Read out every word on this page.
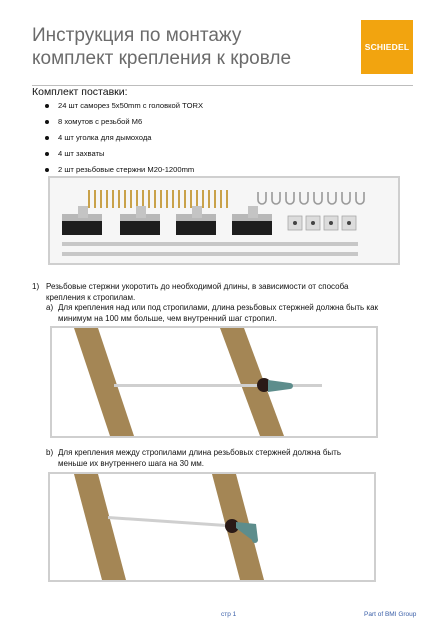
Инструкция по монтажу
комплект крепления к кровле
SCHIEDEL
Комплект поставки:
24 шт саморез 5x50mm с головкой TORX
8 хомутов с резьбой М6
4 шт уголка для дымохода
4 шт захваты
2 шт резьбовые стержни М20-1200mm
1) Резьбовые стержни укоротить до необходимой длины, в зависимости от способа
крепления к стропилам.
a) Для крепления над или под стропилами, длина резьбовых стержней должна быть как
минимум на 100 мм больше, чем внутренний шаг стропил.
b) Для крепления между стропилами длина резьбовых стержней должна быть
меньше их внутреннего шага на 30 мм.
стр 1	Part of BMI Group
